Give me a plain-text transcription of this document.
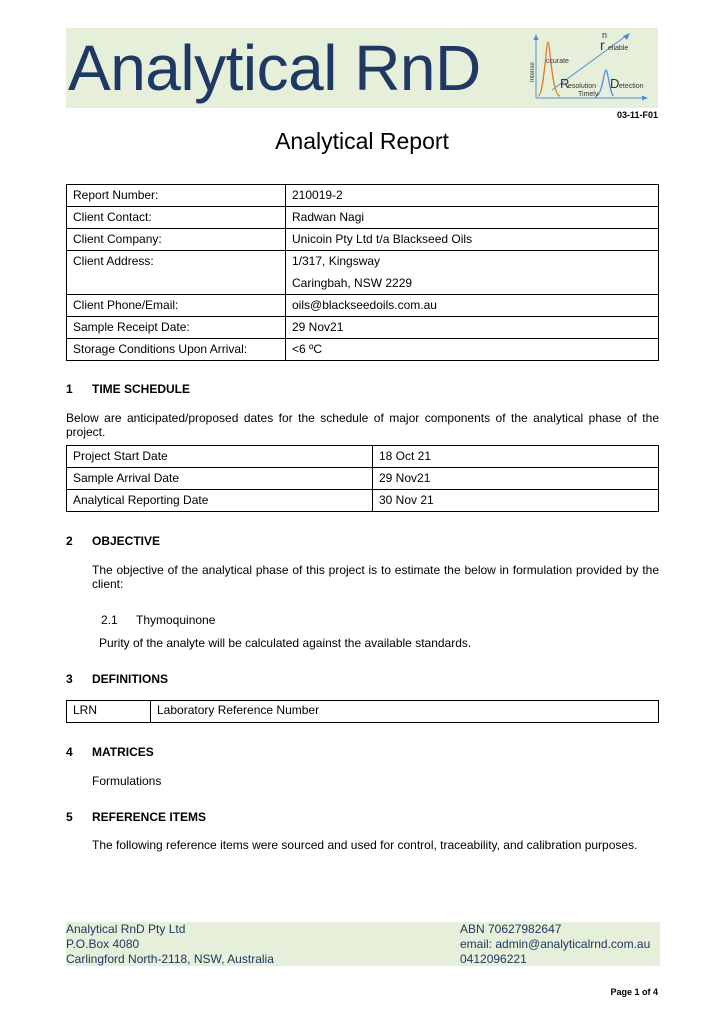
Analytical RnD	n
r eliable
ccurate
Intense
R
esolution D etection
Timely
03-11-F01
Analytical Report
Report Number:	210019-2
Client Contact:	Radwan Nagi
Client Company:	Unicoin Pty Ltd t/a Blackseed Oils
Client Address:	1/317, Kingsway
Caringbah, NSW 2229

Client Phone/Email:	oils@blackseedoils.com.au
Sample Receipt Date:	29 Nov21
Storage Conditions Upon Arrival:	<6 ºC
1 TIME SCHEDULE
Below are anticipated/proposed dates for the schedule of major components of the analytical phase of the project.
Project Start Date	18 Oct 21
Sample Arrival Date	29 Nov21
Analytical Reporting Date	30 Nov 21
2 OBJECTIVE
The objective of the analytical phase of this project is to estimate the below in formulation provided by the client:
2.1 Thymoquinone
Purity of the analyte will be calculated against the available standards.
3 DEFINITIONS
LRN	Laboratory Reference Number
4 MATRICES
Formulations
5 REFERENCE ITEMS
The following reference items were sourced and used for control, traceability, and calibration purposes.
Analytical RnD Pty Ltd
P.O.Box 4080
Carlingford North-2118, NSW, Australia
ABN 70627982647
email: admin@analyticalrnd.com.au
0412096221
Page 1 of 4
